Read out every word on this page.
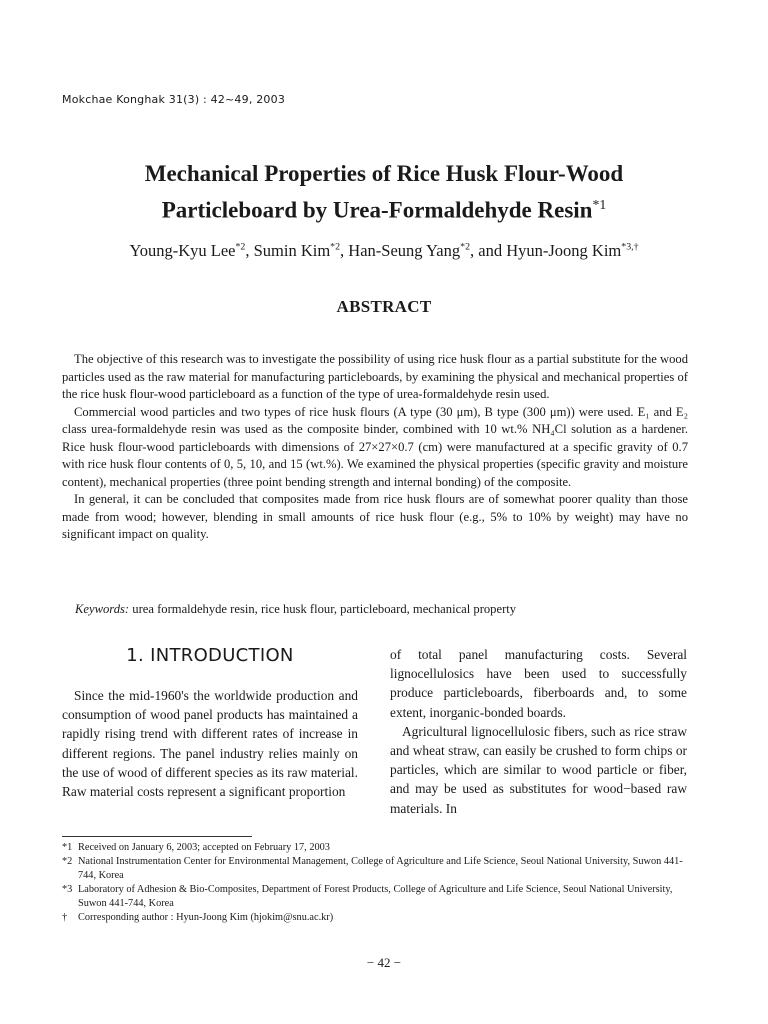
Mokchae Konghak 31(3) : 42~49, 2003
Mechanical Properties of Rice Husk Flour-Wood
Particleboard by Urea-Formaldehyde Resin$^{*1}$
Young-Kyu Lee$^{*2}$, Sumin Kim$^{*2}$, Han-Seung Yang$^{*2}$, and Hyun-Joong Kim$^{*3,\dagger}$
ABSTRACT

The objective of this research was to investigate the possibility of using rice husk flour as a partial substitute for the wood particles used as the raw material for manufacturing particleboards, by examining the physical and mechanical properties of the rice husk flour-wood particleboard as a function of the type of urea-formaldehyde resin used.

Commercial wood particles and two types of rice husk flours (A type (30 μm), B type (300 μm)) were used. E₁ and E₂ class urea-formaldehyde resin was used as the composite binder, combined with 10 wt.% NH₄Cl solution as a hardener. Rice husk flour-wood particleboards with dimensions of 27×27×0.7 (cm) were manufactured at a specific gravity of 0.7 with rice husk flour contents of 0, 5, 10, and 15 (wt.%). We examined the physical properties (specific gravity and moisture content), mechanical properties (three point bending strength and internal bonding) of the composite.

In general, it can be concluded that composites made from rice husk flours are of somewhat poorer quality than those made from wood; however, blending in small amounts of rice husk flour (e.g., 5% to 10% by weight) may have no significant impact on quality.

Keywords: urea formaldehyde resin, rice husk flour, particleboard, mechanical property
1. INTRODUCTION

Since the mid-1960's the worldwide production and consumption of wood panel products has maintained a rapidly rising trend with different rates of increase in different regions. The panel industry relies mainly on the use of wood of different species as its raw material. Raw material costs represent a significant proportion

of total panel manufacturing costs. Several lignocellulosics have been used to successfully produce particleboards, fiberboards and, to some extent, inorganic-bonded boards.

Agricultural lignocellulosic fibers, such as rice straw and wheat straw, can easily be crushed to form chips or particles, which are similar to wood particle or fiber, and may be used as substitutes for wood−based raw materials. In

*1 Received on January 6, 2003; accepted on February 17, 2003
*2 National Instrumentation Center for Environmental Management, College of Agriculture and Life Science, Seoul National University, Suwon 441-744, Korea
*3 Laboratory of Adhesion & Bio-Composites, Department of Forest Products, College of Agriculture and Life Science, Seoul National University, Suwon 441-744, Korea
†	Corresponding author : Hyun-Joong Kim (hjokim@snu.ac.kr)
− 42 −
